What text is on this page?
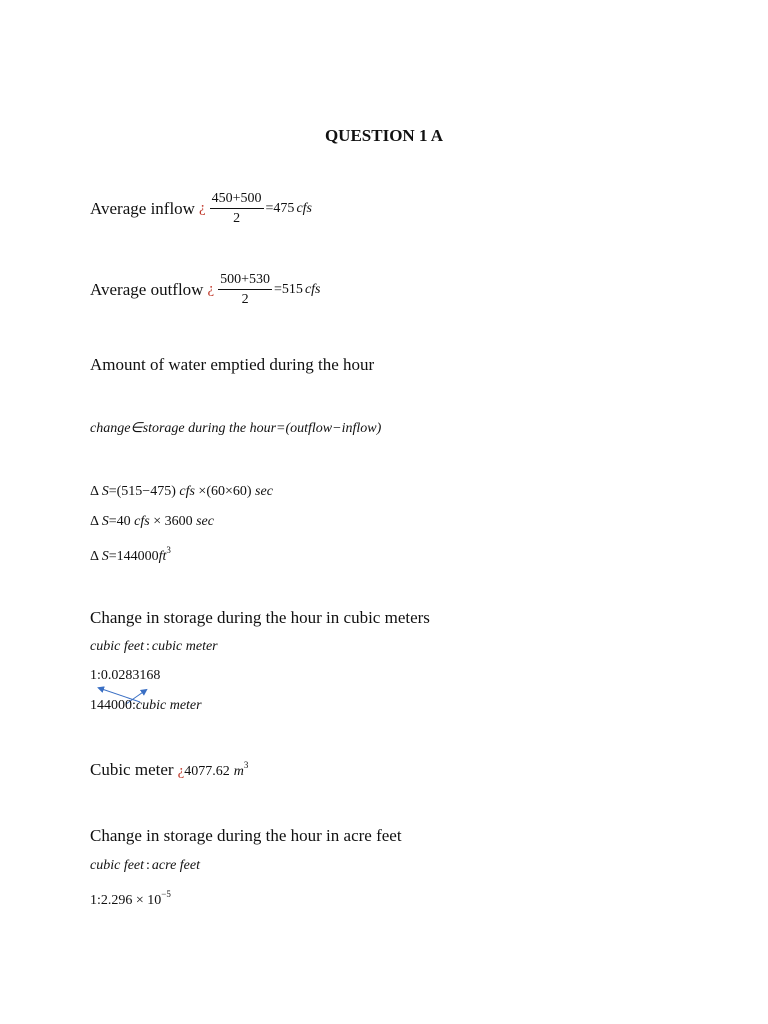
QUESTION 1 A
Average inflow ¿ $\frac{450+500}{2} =475$ cfs
Average outflow ¿ $\frac{500+530}{2} =515$ cfs
Amount of water emptied during the hour
change∈storage during the hour=(outflow−inflow)
Δ S=(515−475) cfs ×(60×60) sec
Δ S=40 cfs × 3600 sec
Δ $S=144000ft^3$
Change in storage during the hour in cubic meters
cubic feet : cubic meter
1:0.0283168
144000:cubic meter
Cubic meter ¿4077.62 $m^3$
Change in storage during the hour in acre feet
cubic feet : acre feet
1:2.296 × $10^{-5}$
